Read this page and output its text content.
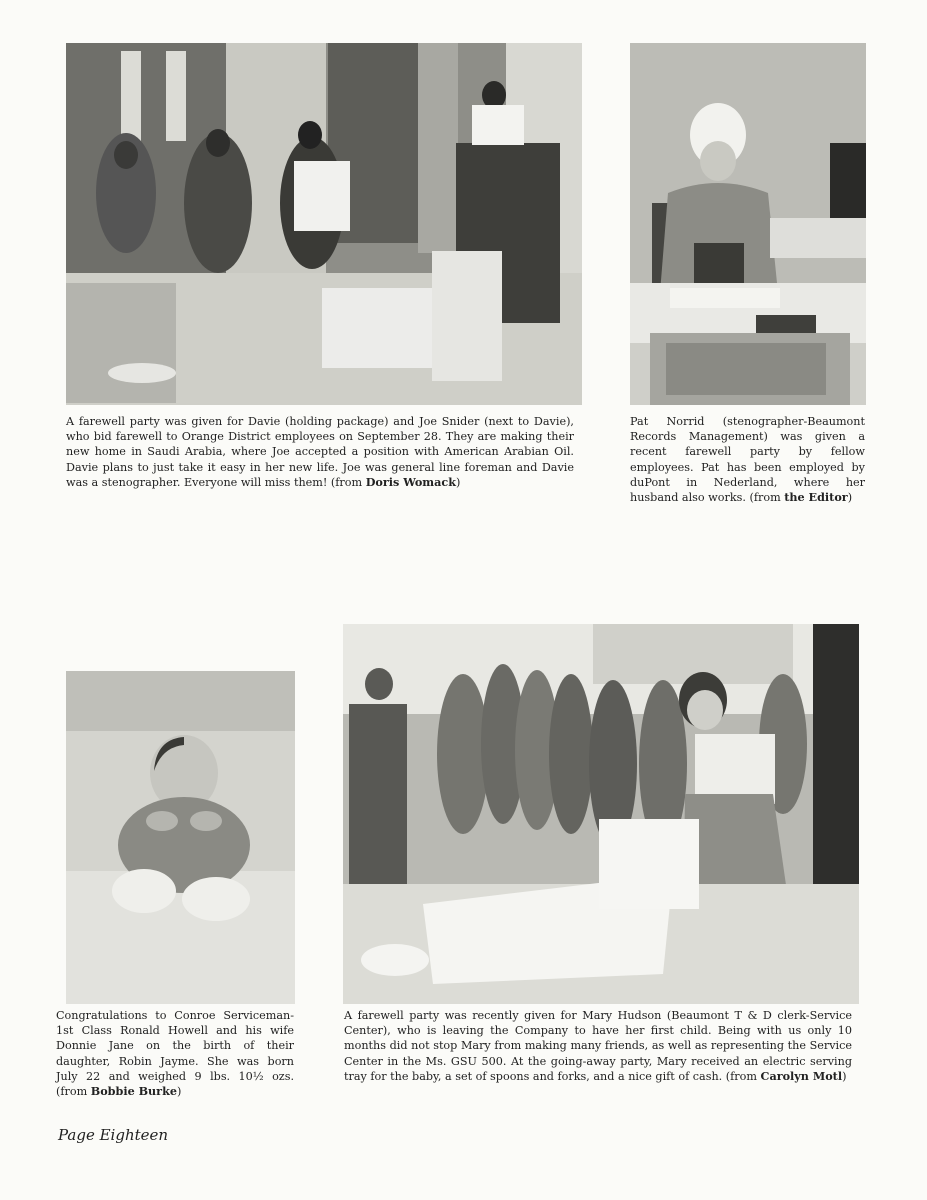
A farewell party was given for Davie (holding package) and Joe Snider (next to Davie), who bid farewell to Orange District employees on September 28. They are making their new home in Saudi Arabia, where Joe accepted a position with American Arabian Oil. Davie plans to just take it easy in her new life. Joe was general line foreman and Davie was a stenographer. Everyone will miss them! (from Doris Womack)
Pat Norrid (stenographer-Beaumont Records Management) was given a recent farewell party by fellow employees. Pat has been employed by duPont in Nederland, where her husband also works. (from the Editor)
Congratulations to Conroe Serviceman-1st Class Ronald Howell and his wife Donnie Jane on the birth of their daughter, Robin Jayme. She was born July 22 and weighed 9 lbs. 10½ ozs. (from Bobbie Burke)
A farewell party was recently given for Mary Hudson (Beaumont T & D clerk-Service Center), who is leaving the Company to have her first child. Being with us only 10 months did not stop Mary from making many friends, as well as representing the Service Center in the Ms. GSU 500. At the going-away party, Mary received an electric serving tray for the baby, a set of spoons and forks, and a nice gift of cash. (from Carolyn Motl)
Page Eighteen
